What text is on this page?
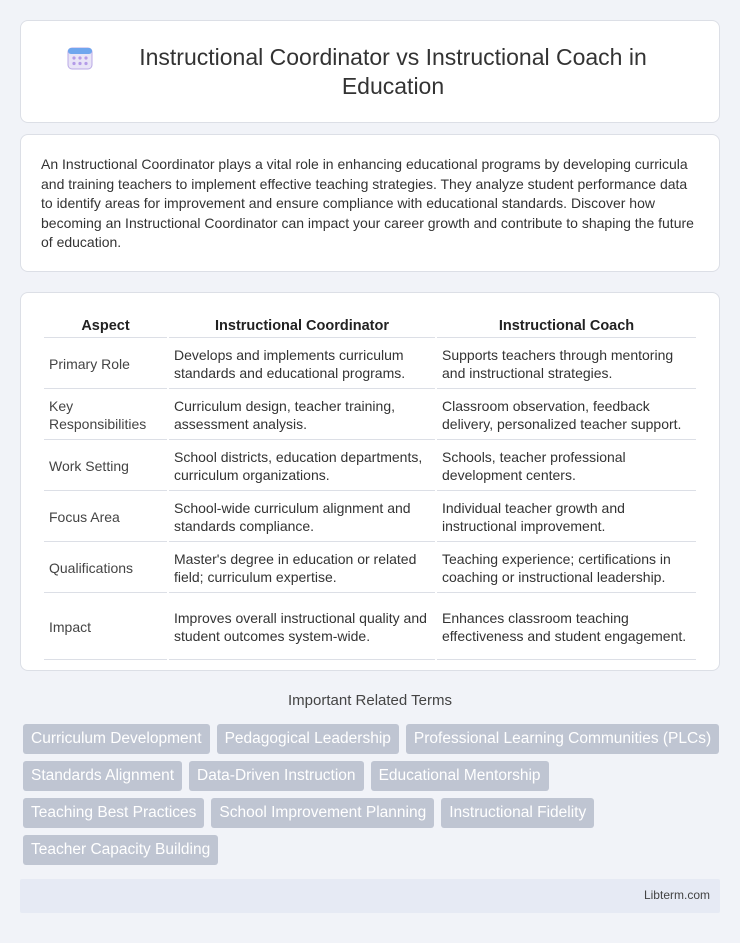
Instructional Coordinator vs Instructional Coach in Education

An Instructional Coordinator plays a vital role in enhancing educational programs by developing curricula and training teachers to implement effective teaching strategies. They analyze student performance data to identify areas for improvement and ensure compliance with educational standards. Discover how becoming an Instructional Coordinator can impact your career growth and contribute to shaping the future of education.

Aspect	Instructional Coordinator	Instructional Coach
Primary Role	Develops and implements curriculum standards and educational programs.	Supports teachers through mentoring and instructional strategies.
Key Responsibilities	Curriculum design, teacher training, assessment analysis.	Classroom observation, feedback delivery, personalized teacher support.
Work Setting	School districts, education departments, curriculum organizations.	Schools, teacher professional development centers.
Focus Area	School-wide curriculum alignment and standards compliance.	Individual teacher growth and instructional improvement.
Qualifications	Master's degree in education or related field; curriculum expertise.	Teaching experience; certifications in coaching or instructional leadership.
Impact	Improves overall instructional quality and student outcomes system-wide.	Enhances classroom teaching effectiveness and student engagement.
Important Related Terms
Curriculum Development	Pedagogical Leadership	Professional Learning Communities (PLCs)
Standards Alignment	Data-Driven Instruction	Educational Mentorship
Teaching Best Practices	School Improvement Planning	Instructional Fidelity
Teacher Capacity Building
Libterm.com
